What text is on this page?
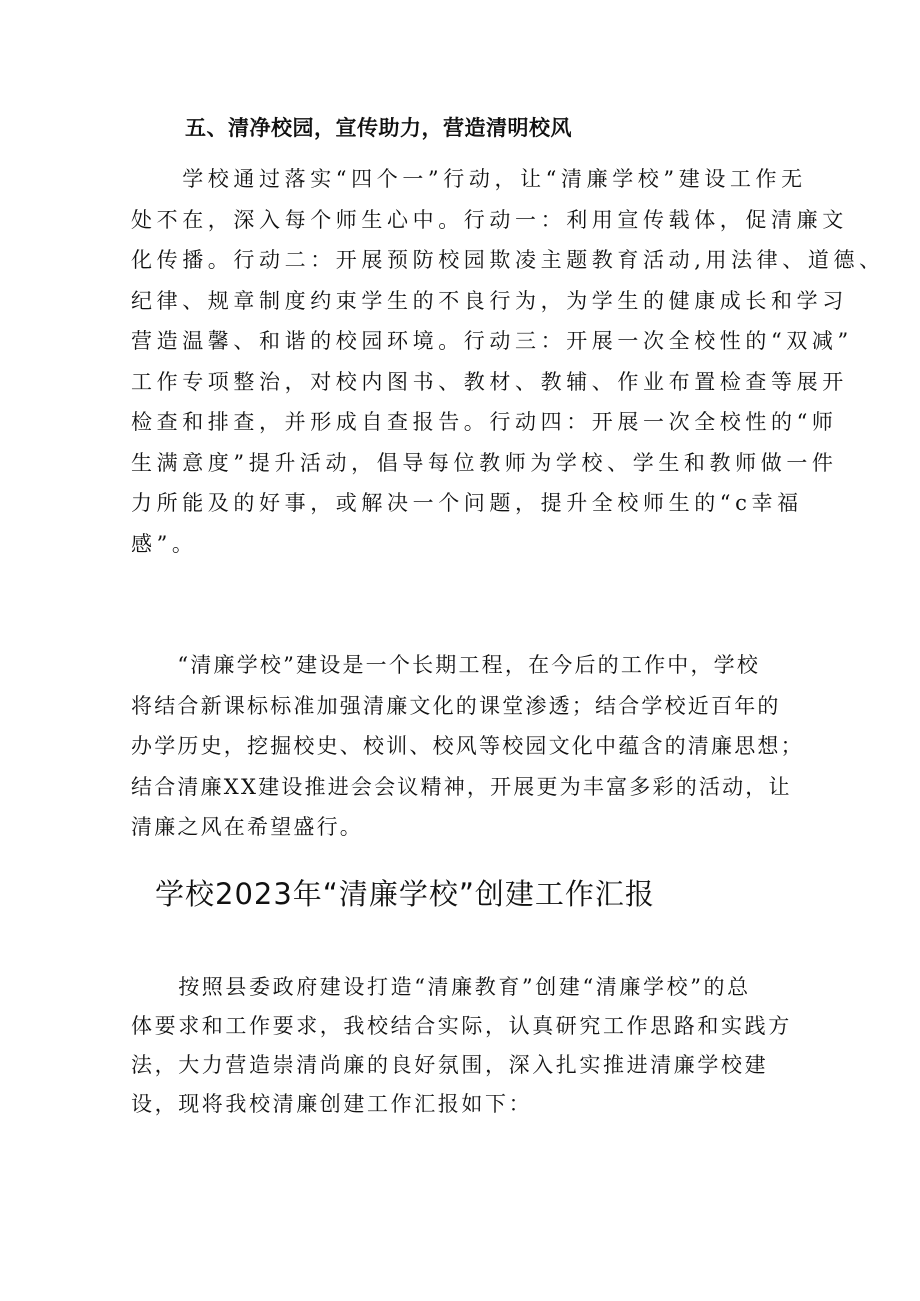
五、清净校园，宣传助力，营造清明校风
　　学校通过落实“四个一”行动，让“清廉学校”建设工作无
处不在，深入每个师生心中。行动一：利用宣传载体，促清廉文
化传播。行动二：开展预防校园欺凌主题教育活动,用法律、道德、
纪律、规章制度约束学生的不良行为，为学生的健康成长和学习
营造温馨、和谐的校园环境。行动三：开展一次全校性的“双减”
工作专项整治，对校内图书、教材、教辅、作业布置检查等展开
检查和排查，并形成自查报告。行动四：开展一次全校性的“师
生满意度”提升活动，倡导每位教师为学校、学生和教师做一件
力所能及的好事，或解决一个问题，提升全校师生的“c幸福
感”。
　　“清廉学校”建设是一个长期工程，在今后的工作中，学校
将结合新课标标准加强清廉文化的课堂渗透；结合学校近百年的
办学历史，挖掘校史、校训、校风等校园文化中蕴含的清廉思想；
结合清廉XX建设推进会会议精神，开展更为丰富多彩的活动，让
清廉之风在希望盛行。
学校2023年“清廉学校”创建工作汇报
　　按照县委政府建设打造“清廉教育”创建“清廉学校”的总
体要求和工作要求，我校结合实际，认真研究工作思路和实践方
法，大力营造崇清尚廉的良好氛围，深入扎实推进清廉学校建
设，现将我校清廉创建工作汇报如下：
